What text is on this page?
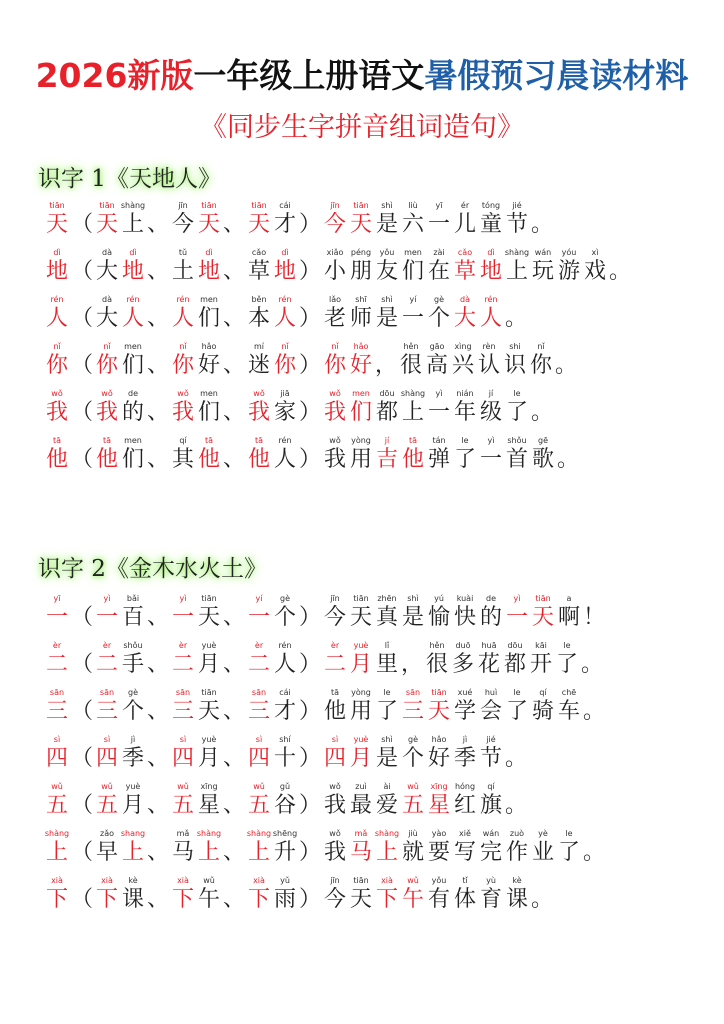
2026新版一年级上册语文暑假预习晨读材料
《同步生字拼音组词造句》
识字 1《天地人》
识字 2《金木水火土》
tiān
天 （
tiān
天
shàng
上 、
jīn
今
tiān
天 、
tiān
天
cái
才 ）
jīn
今
tiān
天
shì
是
liù
六
yī
一
ér
儿
tóng
童
jié
节 。
dì
地 （
dà
大
dì
地 、
tǔ
土
dì
地 、
cǎo
草
dì
地 ）
xiǎo
小
péng
朋
yǒu
友
men
们
zài
在
cǎo
草
dì
地
shàng
上
wán
玩
yóu
游
xì
戏 。
rén
人 （
dà
大
rén
人 、
rén
人
men
们 、
běn
本
rén
人 ）
lǎo
老
shī
师
shì
是
yí
一
gè
个
dà
大
rén
人 。
nǐ
你 （
nǐ
你
men
们 、
nǐ
你
hǎo
好 、
mí
迷
nǐ
你 ）
nǐ
你
hǎo
好 ，
hěn
很
gāo
高
xìng
兴
rèn
认
shi
识
nǐ
你 。
wǒ
我 （
wǒ
我
de
的 、
wǒ
我
men
们 、
wǒ
我
jiā
家 ）
wǒ
我
men
们
dōu
都
shàng
上
yì
一
nián
年
jí
级
le
了 。
tā
他 （
tā
他
men
们 、
qí
其
tā
他 、
tā
他
rén
人 ）
wǒ
我
yòng
用
jí
吉
tā
他
tán
弹
le
了
yì
一
shǒu
首
gē
歌 。
yī
一 （
yì
一
bǎi
百 、
yì
一
tiān
天 、
yí
一
gè
个 ）
jīn
今
tiān
天
zhēn
真
shì
是
yú
愉
kuài
快
de
的
yì
一
tiān
天
a
啊 ！
èr
二 （
èr
二
shǒu
手 、
èr
二
yuè
月 、
èr
二
rén
人 ）
èr
二
yuè
月
lǐ
里 ，
hěn
很
duō
多
huā
花
dōu
都
kāi
开
le
了 。
sān
三 （
sān
三
gè
个 、
sān
三
tiān
天 、
sān
三
cái
才 ）
tā
他
yòng
用
le
了
sān
三
tiān
天
xué
学
huì
会
le
了
qí
骑
chē
车 。
sì
四 （
sì
四
jì
季 、
sì
四
yuè
月 、
sì
四
shí
十 ）
sì
四
yuè
月
shì
是
gè
个
hǎo
好
jì
季
jié
节 。
wǔ
五 （
wǔ
五
yuè
月 、
wǔ
五
xīng
星 、
wǔ
五
gǔ
谷 ）
wǒ
我
zuì
最
ài
爱
wǔ
五
xīng
星
hóng
红
qí
旗 。
shàng
上 （
zǎo
早
shang
上 、
mǎ
马
shàng
上 、
shàng
上
shēng
升 ）
wǒ
我
mǎ
马
shàng
上
jiù
就
yào
要
xiě
写
wán
完
zuò
作
yè
业
le
了 。
xià
下 （
xià
下
kè
课 、
xià
下
wǔ
午 、
xià
下
yǔ
雨 ）
jīn
今
tiān
天
xià
下
wǔ
午
yǒu
有
tǐ
体
yù
育
kè
课 。
